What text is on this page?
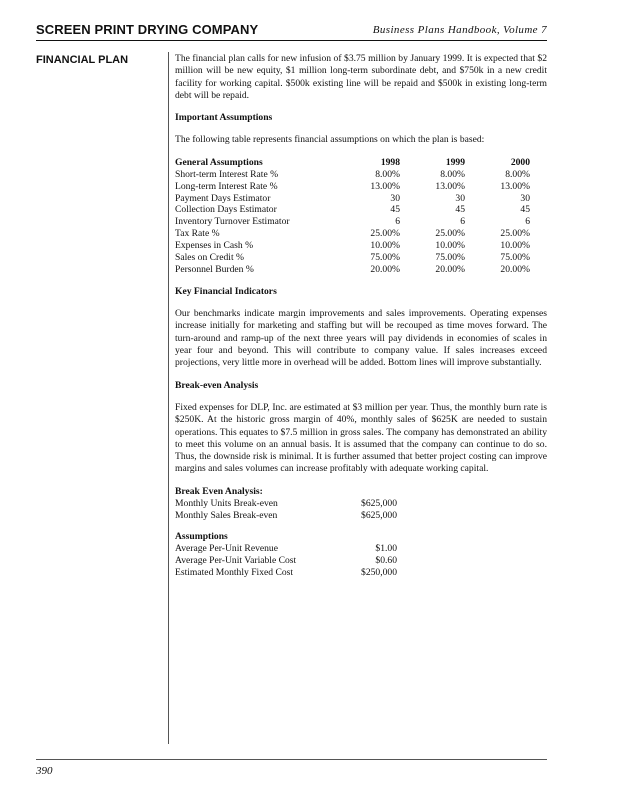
SCREEN PRINT DRYING COMPANY	Business Plans Handbook, Volume 7
FINANCIAL PLAN	The financial plan calls for new infusion of $3.75 million by January 1999. It is expected that $2 million will be new equity, $1 million long-term subordinate debt, and $750k in a new credit facility for working capital. $500k existing line will be repaid and $500k in existing long-term debt will be repaid.

Important Assumptions

The following table represents financial assumptions on which the plan is based:

General Assumptions	1998	1999	2000
Short-term Interest Rate %	8.00%	8.00%	8.00%
Long-term Interest Rate %	13.00%	13.00%	13.00%
Payment Days Estimator	30	30	30
Collection Days Estimator	45	45	45
Inventory Turnover Estimator	6	6	6
Tax Rate %	25.00%	25.00%	25.00%
Expenses in Cash %	10.00%	10.00%	10.00%
Sales on Credit %	75.00%	75.00%	75.00%
Personnel Burden %	20.00%	20.00%	20.00%
Key Financial Indicators

Our benchmarks indicate margin improvements and sales improvements. Operating expenses increase initially for marketing and staffing but will be recouped as time moves forward. The turn-around and ramp-up of the next three years will pay dividends in economies of scales in year four and beyond. This will contribute to company value. If sales increases exceed projections, very little more in overhead will be added. Bottom lines will improve substantially.

Break-even Analysis

Fixed expenses for DLP, Inc. are estimated at $3 million per year. Thus, the monthly burn rate is $250K. At the historic gross margin of 40%, monthly sales of $625K are needed to sustain operations. This equates to $7.5 million in gross sales. The company has demonstrated an ability to meet this volume on an annual basis. It is assumed that the company can continue to do so. Thus, the downside risk is minimal. It is further assumed that better project costing can improve margins and sales volumes can increase profitably with adequate working capital.

Break Even Analysis:	
Monthly Units Break-even	$625,000
Monthly Sales Break-even	$625,000
Assumptions	
Average Per-Unit Revenue	$1.00
Average Per-Unit Variable Cost	$0.60
Estimated Monthly Fixed Cost	$250,000
390
